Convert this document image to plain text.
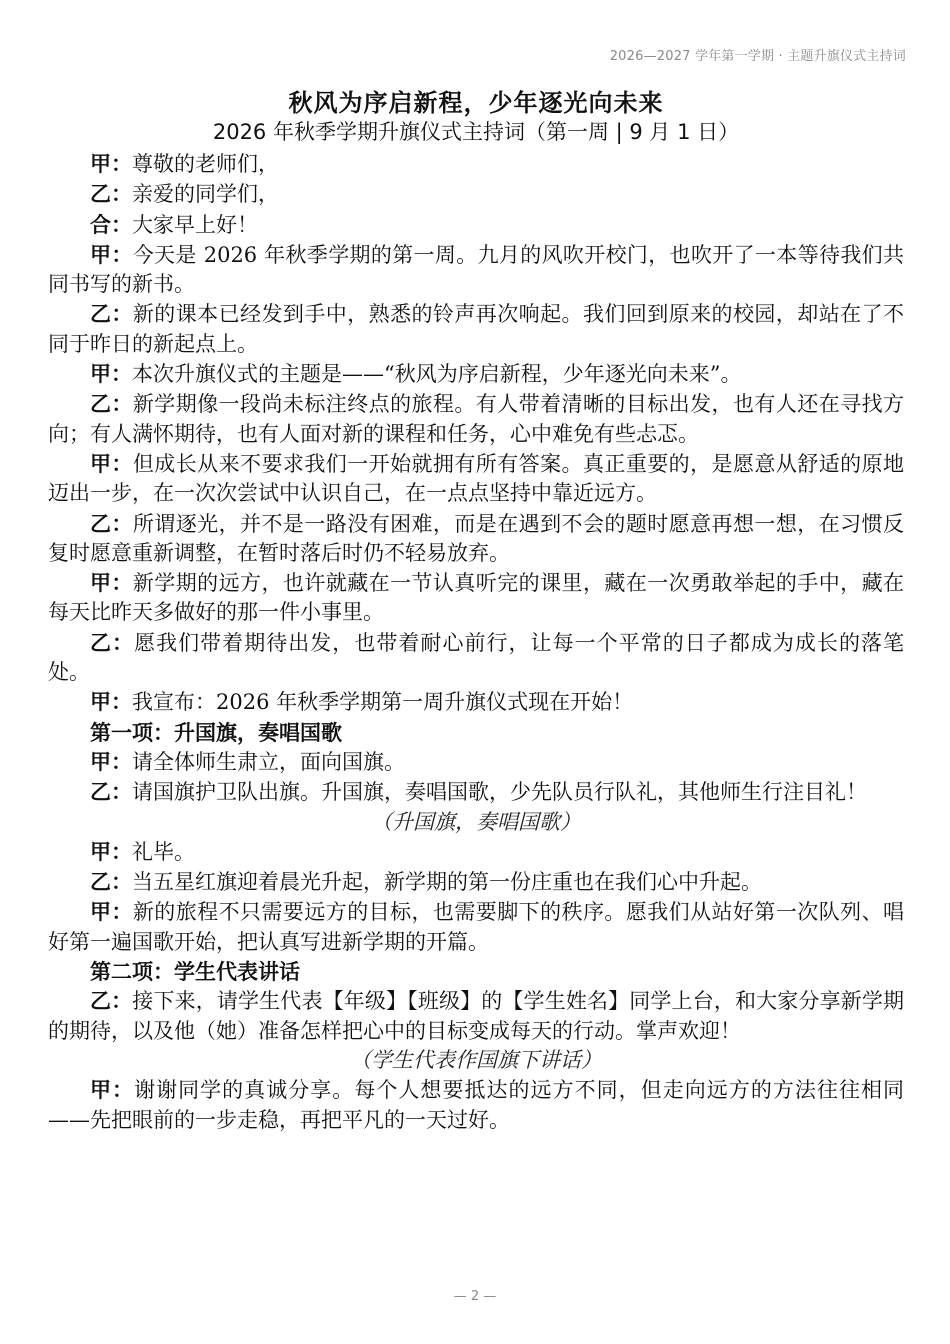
2026—2027 学年第一学期 · 主题升旗仪式主持词
秋风为序启新程，少年逐光向未来
2026 年秋季学期升旗仪式主持词（第一周 | 9 月 1 日）

甲：尊敬的老师们，

乙：亲爱的同学们，

合：大家早上好！

甲：今天是 2026 年秋季学期的第一周。九月的风吹开校门，也吹开了一本等待我们共同书写的新书。

乙：新的课本已经发到手中，熟悉的铃声再次响起。我们回到原来的校园，却站在了不同于昨日的新起点上。

甲：本次升旗仪式的主题是——“秋风为序启新程，少年逐光向未来”。

乙：新学期像一段尚未标注终点的旅程。有人带着清晰的目标出发，也有人还在寻找方向；有人满怀期待，也有人面对新的课程和任务，心中难免有些忐忑。

甲：但成长从来不要求我们一开始就拥有所有答案。真正重要的，是愿意从舒适的原地迈出一步，在一次次尝试中认识自己，在一点点坚持中靠近远方。

乙：所谓逐光，并不是一路没有困难，而是在遇到不会的题时愿意再想一想，在习惯反复时愿意重新调整，在暂时落后时仍不轻易放弃。

甲：新学期的远方，也许就藏在一节认真听完的课里，藏在一次勇敢举起的手中，藏在每天比昨天多做好的那一件小事里。

乙：愿我们带着期待出发，也带着耐心前行，让每一个平常的日子都成为成长的落笔处。

甲：我宣布：2026 年秋季学期第一周升旗仪式现在开始！

第一项：升国旗，奏唱国歌

甲：请全体师生肃立，面向国旗。

乙：请国旗护卫队出旗。升国旗，奏唱国歌，少先队员行队礼，其他师生行注目礼！

（升国旗，奏唱国歌）

甲：礼毕。

乙：当五星红旗迎着晨光升起，新学期的第一份庄重也在我们心中升起。

甲：新的旅程不只需要远方的目标，也需要脚下的秩序。愿我们从站好第一次队列、唱好第一遍国歌开始，把认真写进新学期的开篇。

第二项：学生代表讲话

乙：接下来，请学生代表【年级】【班级】的【学生姓名】同学上台，和大家分享新学期的期待，以及他（她）准备怎样把心中的目标变成每天的行动。掌声欢迎！

（学生代表作国旗下讲话）

甲：谢谢同学的真诚分享。每个人想要抵达的远方不同，但走向远方的方法往往相同——先把眼前的一步走稳，再把平凡的一天过好。

— 2 —
